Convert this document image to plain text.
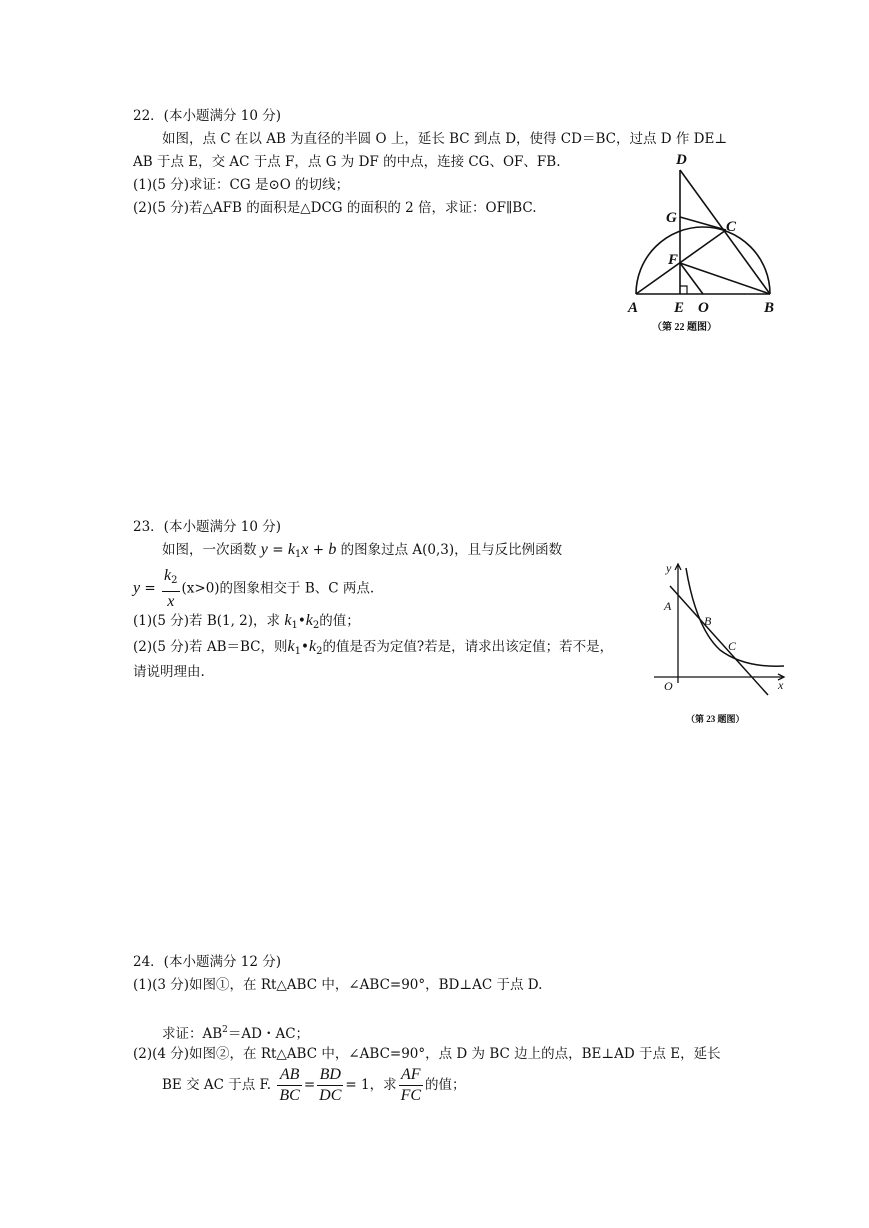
22．(本小题满分 10 分)
如图，点 C 在以 AB 为直径的半圆 O 上，延长 BC 到点 D，使得 CD＝BC，过点 D 作 DE⊥
AB 于点 E，交 AC 于点 F，点 G 为 DF 的中点，连接 CG、OF、FB.
(1)(5 分)求证：CG 是⊙O 的切线；
(2)(5 分)若△AFB 的面积是△DCG 的面积的 2 倍，求证：OF∥BC.
D
G
C
F
A E O	B
（第 22 题图）
23．(本小题满分 10 分)
如图，一次函数 $y = k_1x + b$ 的图象过点 A(0,3)，且与反比例函数
$y = \frac{k_2}{x} (x>0)$的图象相交于 B、C 两点.
(1)(5 分)若 B(1, 2)，求 $k_1•k_2$的值；
(2)(5 分)若 AB＝BC，则$k_1•k_2$的值是否为定值?若是，请求出该定值；若不是，
请说明理由.
y
x
O
A
B
C
（第 23 题图）
24．(本小题满分 12 分)
(1)(3 分)如图①，在 Rt△ABC 中，∠ABC=90°，BD⊥AC 于点 D.
求证：$AB^2=AD$・AC；
(2)(4 分)如图②，在 Rt△ABC 中，∠ABC=90°，点 D 为 BC 边上的点，BE⊥AD 于点 E，延长
BE 交 AC 于点 F. $\frac{AB}{BC} = \frac{BD}{DC} = 1$，求 $\frac{AF}{FC}$ 的值；
